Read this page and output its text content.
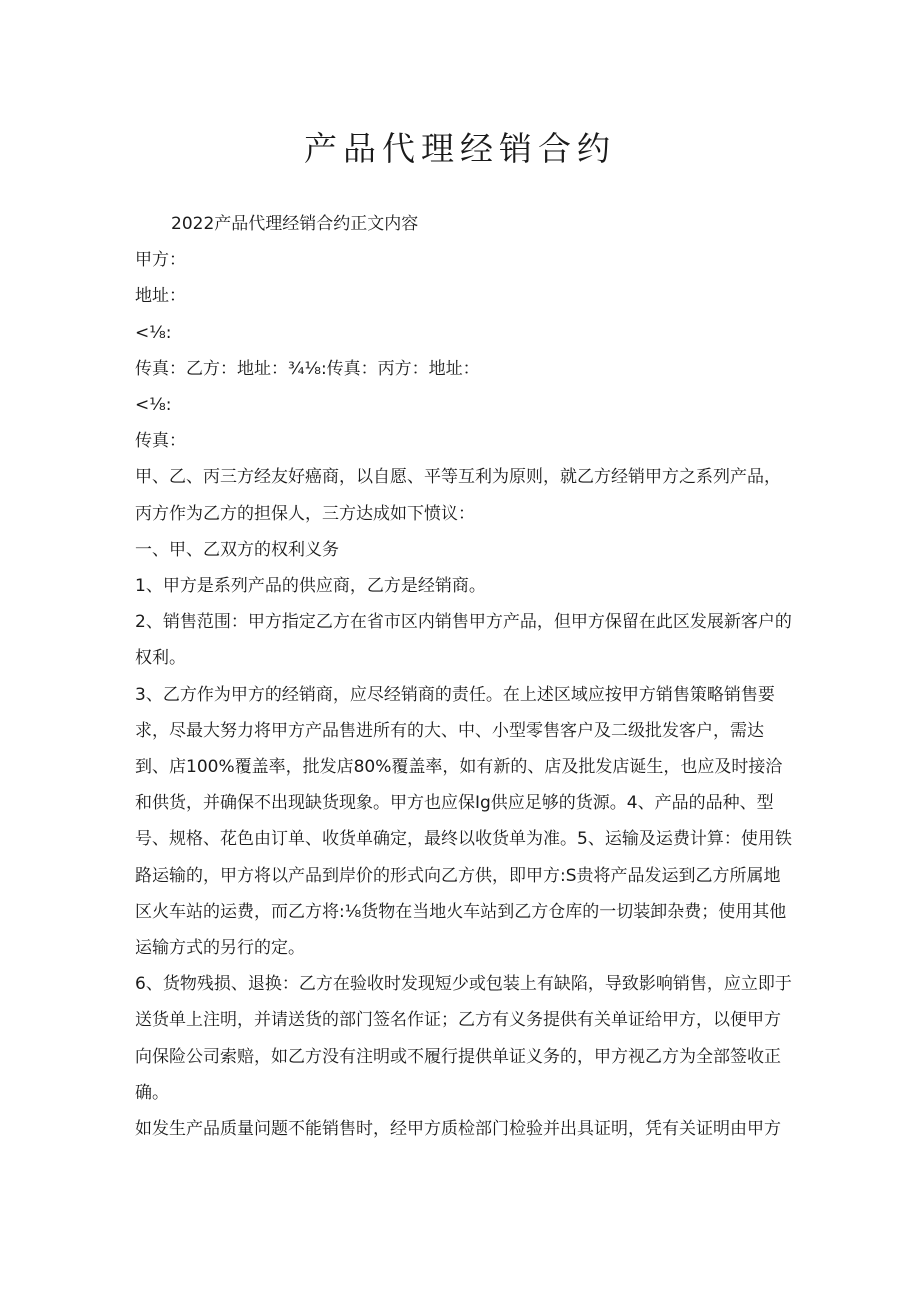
产品代理经销合约

2022产品代理经销合约正文内容

甲方：

地址：

<⅛:

传真：乙方：地址：¾⅛:传真：丙方：地址：

<⅛:

传真：

甲、乙、丙三方经友好癌商，以自愿、平等互利为原则，就乙方经销甲方之系列产品，丙方作为乙方的担保人，三方达成如下愤议：

一、甲、乙双方的权利义务

1、甲方是系列产品的供应商，乙方是经销商。

2、销售范围：甲方指定乙方在省市区内销售甲方产品，但甲方保留在此区发展新客户的权利。

3、乙方作为甲方的经销商，应尽经销商的责任。在上述区域应按甲方销售策略销售要求，尽最大努力将甲方产品售进所有的大、中、小型零售客户及二级批发客户，需达到、店100%覆盖率，批发店80%覆盖率，如有新的、店及批发店诞生，也应及时接洽和供货，并确保不出现缺货现象。甲方也应保Ig供应足够的货源。4、产品的品种、型号、规格、花色由订单、收货单确定，最终以收货单为准。5、运输及运费计算：使用铁路运输的，甲方将以产品到岸价的形式向乙方供，即甲方:S贵将产品发运到乙方所属地区火车站的运费，而乙方将:⅛货物在当地火车站到乙方仓库的一切装卸杂费；使用其他运输方式的另行的定。

6、货物残损、退换：乙方在验收时发现短少或包装上有缺陷，导致影响销售，应立即于送货单上注明，并请送货的部门签名作证；乙方有义务提供有关单证给甲方，以便甲方向保险公司索赔，如乙方没有注明或不履行提供单证义务的，甲方视乙方为全部签收正确。

如发生产品质量问题不能销售时，经甲方质检部门检验并出具证明，凭有关证明由甲方
